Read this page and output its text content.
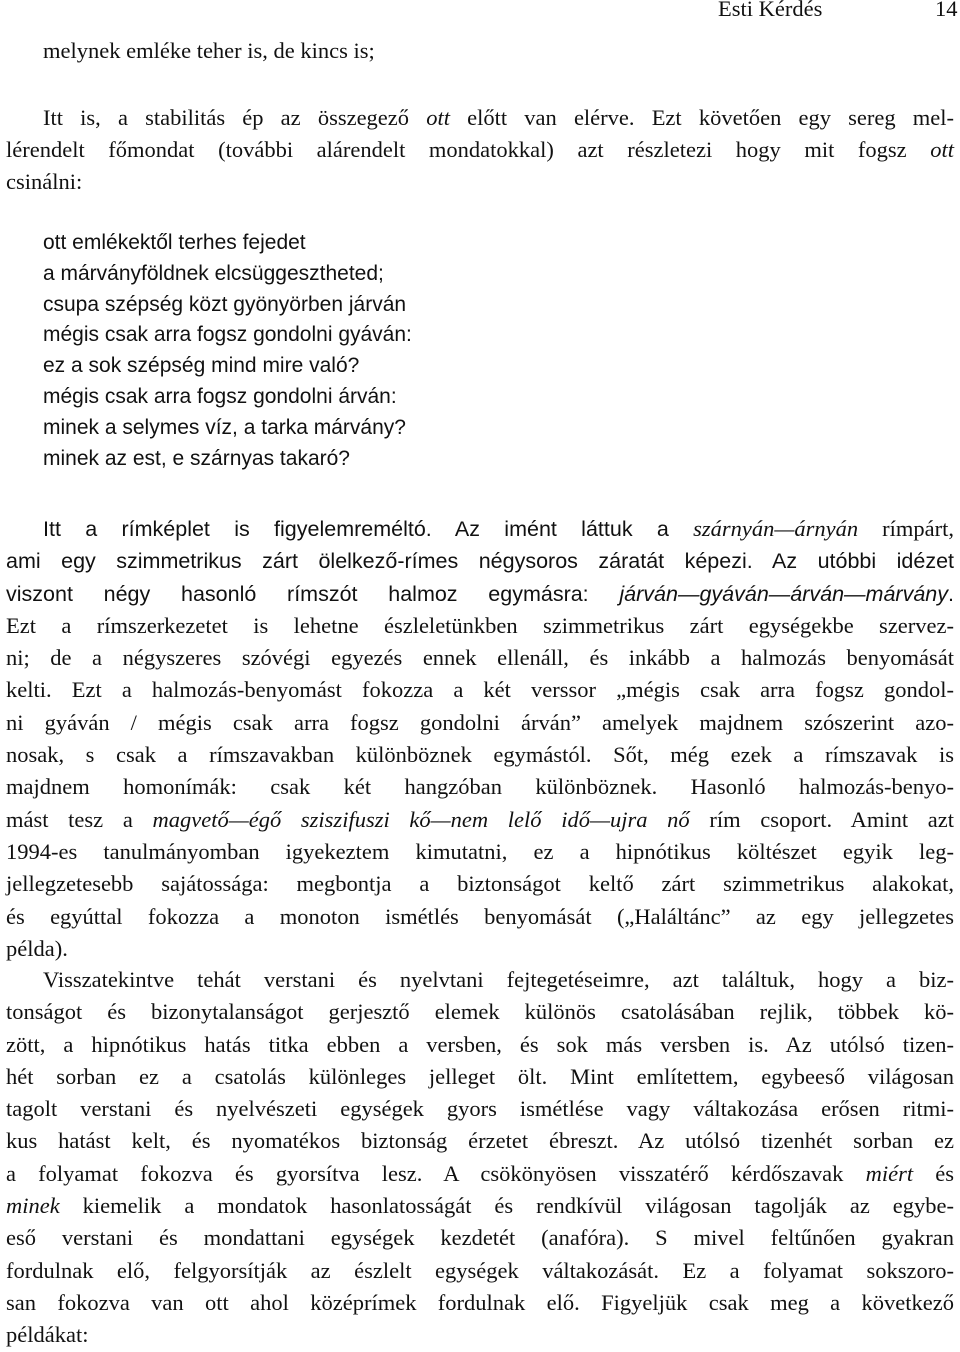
Esti Kérdés	14
melynek emléke teher is, de kincs is;
Itt is, a stabilitás ép az összegező ott előtt van elérve. Ezt követően egy sereg mel-
lérendelt főmondat (további alárendelt mondatokkal) azt részletezi hogy mit fogsz ott
csinálni:
ott emlékektől terhes fejedet
a márványföldnek elcsüggesztheted;
csupa szépség közt gyönyörben járván
mégis csak arra fogsz gondolni gyáván:
ez a sok szépség mind mire való?
mégis csak arra fogsz gondolni árván:
minek a selymes víz, a tarka márvány?
minek az est, e szárnyas takaró?
Itt a rímképlet is figyelemreméltó. Az imént láttuk a szárnyán—árnyán rímpárt,
ami egy szimmetrikus zárt ölelkező-rímes négysoros záratát képezi. Az utóbbi idézet
viszont négy hasonló rímszót halmoz egymásra: járván—gyáván—árván—márvány.
Ezt a rímszerkezetet is lehetne észleletünkben szimmetrikus zárt egységekbe szervez-
ni; de a négyszeres szóvégi egyezés ennek ellenáll, és inkább a halmozás benyomását
kelti. Ezt a halmozás-benyomást fokozza a két verssor „mégis csak arra fogsz gondol-
ni gyáván / mégis csak arra fogsz gondolni árván” amelyek majdnem szószerint azo-
nosak, s csak a rímszavakban különböznek egymástól. Sőt, még ezek a rímszavak is
majdnem homonímák: csak két hangzóban különböznek. Hasonló halmozás-benyo-
mást tesz a magvető—égő sziszifuszi kő—nem lelő idő—ujra nő rím csoport. Amint azt
1994-es tanulmányomban igyekeztem kimutatni, ez a hipnótikus költészet egyik leg-
jellegzetesebb sajátossága: megbontja a biztonságot keltő zárt szimmetrikus alakokat,
és egyúttal fokozza a monoton ismétlés benyomását („Haláltánc” az egy jellegzetes
példa).
Visszatekintve tehát verstani és nyelvtani fejtegetéseimre, azt találtuk, hogy a biz-
tonságot és bizonytalanságot gerjesztő elemek különös csatolásában rejlik, többek kö-
zött, a hipnótikus hatás titka ebben a versben, és sok más versben is. Az utólsó tizen-
hét sorban ez a csatolás különleges jelleget ölt. Mint említettem, egybeeső világosan
tagolt verstani és nyelvészeti egységek gyors ismétlése vagy váltakozása erősen ritmi-
kus hatást kelt, és nyomatékos biztonság érzetet ébreszt. Az utólsó tizenhét sorban ez
a folyamat fokozva és gyorsítva lesz. A csökönyösen visszatérő kérdőszavak miért és
minek kiemelik a mondatok hasonlatosságát és rendkívül világosan tagolják az egybe-
eső verstani és mondattani egységek kezdetét (anafóra). S mivel feltűnően gyakran
fordulnak elő, felgyorsítják az észlelt egységek váltakozását. Ez a folyamat sokszoro-
san fokozva van ott ahol középrímek fordulnak elő. Figyeljük csak meg a következő
példákat:
